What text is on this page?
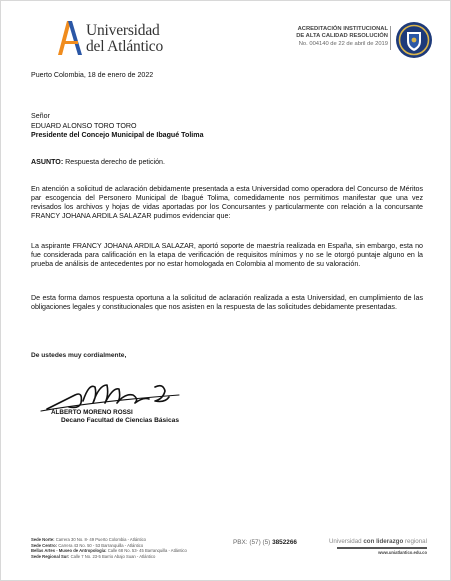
Universidad
del Atlántico
ACREDITACIÓN INSTITUCIONAL
DE ALTA CALIDAD RESOLUCIÓN
No. 004140 de 22 de abril de 2019
Puerto Colombia, 18 de enero de 2022
Señor
EDUARD ALONSO TORO TORO
Presidente del Concejo Municipal de Ibagué Tolima
ASUNTO: Respuesta derecho de petición.
En atención a solicitud de aclaración debidamente presentada a esta Universidad como operadora del Concurso de Méritos par escogencia del Personero Municipal de Ibagué Tolima, comedidamente nos permitimos manifestar que una vez revisados los archivos y hojas de vidas aportadas por los Concursantes y particularmente con relación a la concursante FRANCY JOHANA ARDILA SALAZAR pudimos evidenciar que:
La aspirante FRANCY JOHANA ARDILA SALAZAR, aportó soporte de maestría realizada en España, sin embargo, esta no fue considerada para calificación en la etapa de verificación de requisitos mínimos y no se le otorgó puntaje alguno en la prueba de análisis de antecedentes por no estar homologada en Colombia al momento de su valoración.
De esta forma damos respuesta oportuna a la solicitud de aclaración realizada a esta Universidad, en cumplimiento de las obligaciones legales y constitucionales que nos asisten en la respuesta de las solicitudes debidamente presentadas.
De ustedes muy cordialmente,
ALBERTO MORENO ROSSI
Decano Facultad de Ciencias Básicas
Sede Norte: Carrera 30 No. 8- 49 Puerto Colombia - Atlántico
Sede Centro: Carrera 43 No. 50 - 53 Barranquilla - Atlántico
Bellas Artes - Museo de Antropología: Calle 68 No. 53- 45 Barranquilla - Atlántico
Sede Regional Sur: Calle 7 No. 23-5 Barrio Abajo Suan - Atlántico
PBX: (57) (5) 3852266	Universidad con liderazgo regional
www.uniatlantico.edu.co
